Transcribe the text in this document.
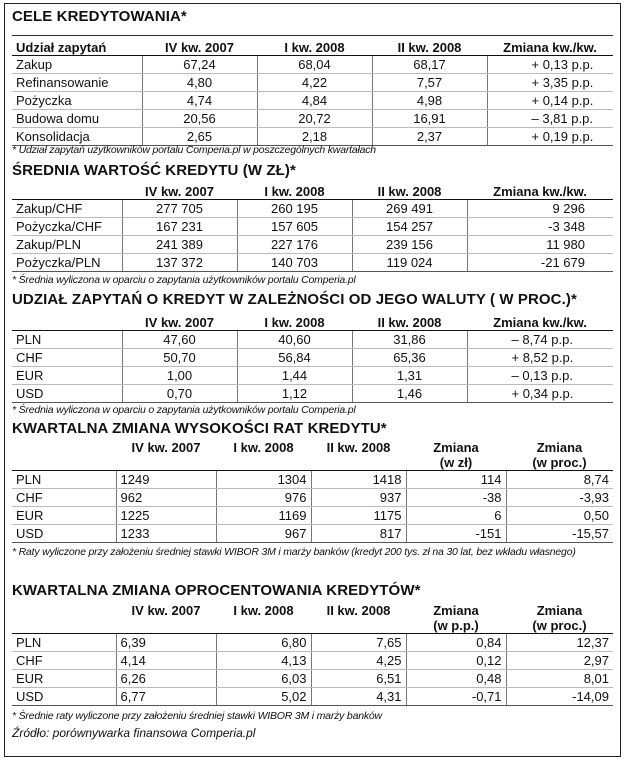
CELE KREDYTOWANIA*
Udział zapytań	IV kw. 2007	I kw. 2008	II kw. 2008	Zmiana kw./kw.
Zakup	67,24	68,04	68,17	+ 0,13 p.p.
Refinansowanie	4,80	4,22	7,57	+ 3,35 p.p.
Pożyczka	4,74	4,84	4,98	+ 0,14 p.p.
Budowa domu	20,56	20,72	16,91	– 3,81 p.p.
Konsolidacja	2,65	2,18	2,37	+ 0,19 p.p.
* Udział zapytań użytkowników portalu Comperia.pl w poszczególnych kwartałach
ŚREDNIA WARTOŚĆ KREDYTU (W ZŁ)*
	IV kw. 2007	I kw. 2008	II kw. 2008	Zmiana kw./kw.
Zakup/CHF	277 705	260 195	269 491	9 296
Pożyczka/CHF	167 231	157 605	154 257	-3 348
Zakup/PLN	241 389	227 176	239 156	11 980
Pożyczka/PLN	137 372	140 703	119 024	-21 679
* Średnia wyliczona w oparciu o zapytania użytkowników portalu Comperia.pl
UDZIAŁ ZAPYTAŃ O KREDYT W ZALEŻNOŚCI OD JEGO WALUTY ( W PROC.)*
	IV kw. 2007	I kw. 2008	II kw. 2008	Zmiana kw./kw.
PLN	47,60	40,60	31,86	– 8,74 p.p.
CHF	50,70	56,84	65,36	+ 8,52 p.p.
EUR	1,00	1,44	1,31	– 0,13 p.p.
USD	0,70	1,12	1,46	+ 0,34 p.p.
* Średnia wyliczona w oparciu o zapytania użytkowników portalu Comperia.pl
KWARTALNA ZMIANA WYSOKOŚCI RAT KREDYTU*
	IV kw. 2007	I kw. 2008	II kw. 2008	Zmiana	Zmiana
				(w zł)	(w proc.)
PLN	1249	1304	1418	114	8,74
CHF	962	976	937	-38	-3,93
EUR	1225	1169	1175	6	0,50
USD	1233	967	817	-151	-15,57
* Raty wyliczone przy założeniu średniej stawki WIBOR 3M i marży banków (kredyt 200 tys. zł na 30 lat, bez wkładu własnego)
KWARTALNA ZMIANA OPROCENTOWANIA KREDYTÓW*
	IV kw. 2007	I kw. 2008	II kw. 2008	Zmiana	Zmiana
				(w p.p.)	(w proc.)
PLN	6,39	6,80	7,65	0,84	12,37
CHF	4,14	4,13	4,25	0,12	2,97
EUR	6,26	6,03	6,51	0,48	8,01
USD	6,77	5,02	4,31	-0,71	-14,09
* Średnie raty wyliczone przy założeniu średniej stawki WIBOR 3M i marży banków
Źródło: porównywarka finansowa Comperia.pl
